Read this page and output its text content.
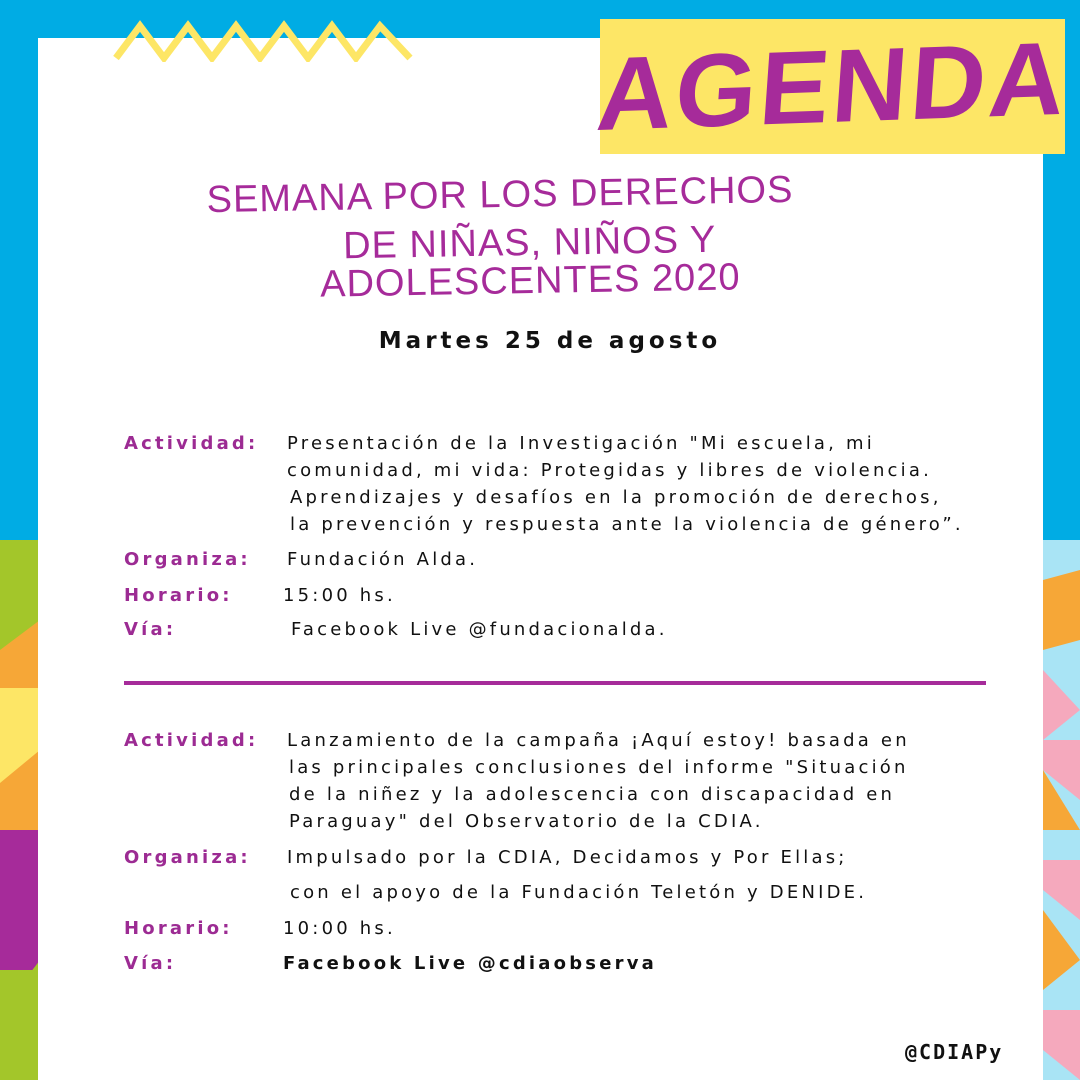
AGENDA
SEMANA POR LOS DERECHOS
DE NIÑAS, NIÑOS Y ADOLESCENTES 2020
Martes 25 de agosto
Actividad: Presentación de la Investigación "Mi escuela, mi
comunidad, mi vida: Protegidas y libres de violencia.
Aprendizajes y desafíos en la promoción de derechos,
la prevención y respuesta ante la violencia de género”.
Organiza: Fundación Alda.
Horario:	15:00 hs.
Vía:	Facebook Live @fundacionalda.
Actividad: Lanzamiento de la campaña ¡Aquí estoy! basada en
las principales conclusiones del informe "Situación
de la niñez y la adolescencia con discapacidad en
Paraguay" del Observatorio de la CDIA.
Organiza: Impulsado por la CDIA, Decidamos y Por Ellas;
con el apoyo de la Fundación Teletón y DENIDE.
Horario:	10:00 hs.
Vía:	Facebook Live @cdiaobserva
@CDIAPy
